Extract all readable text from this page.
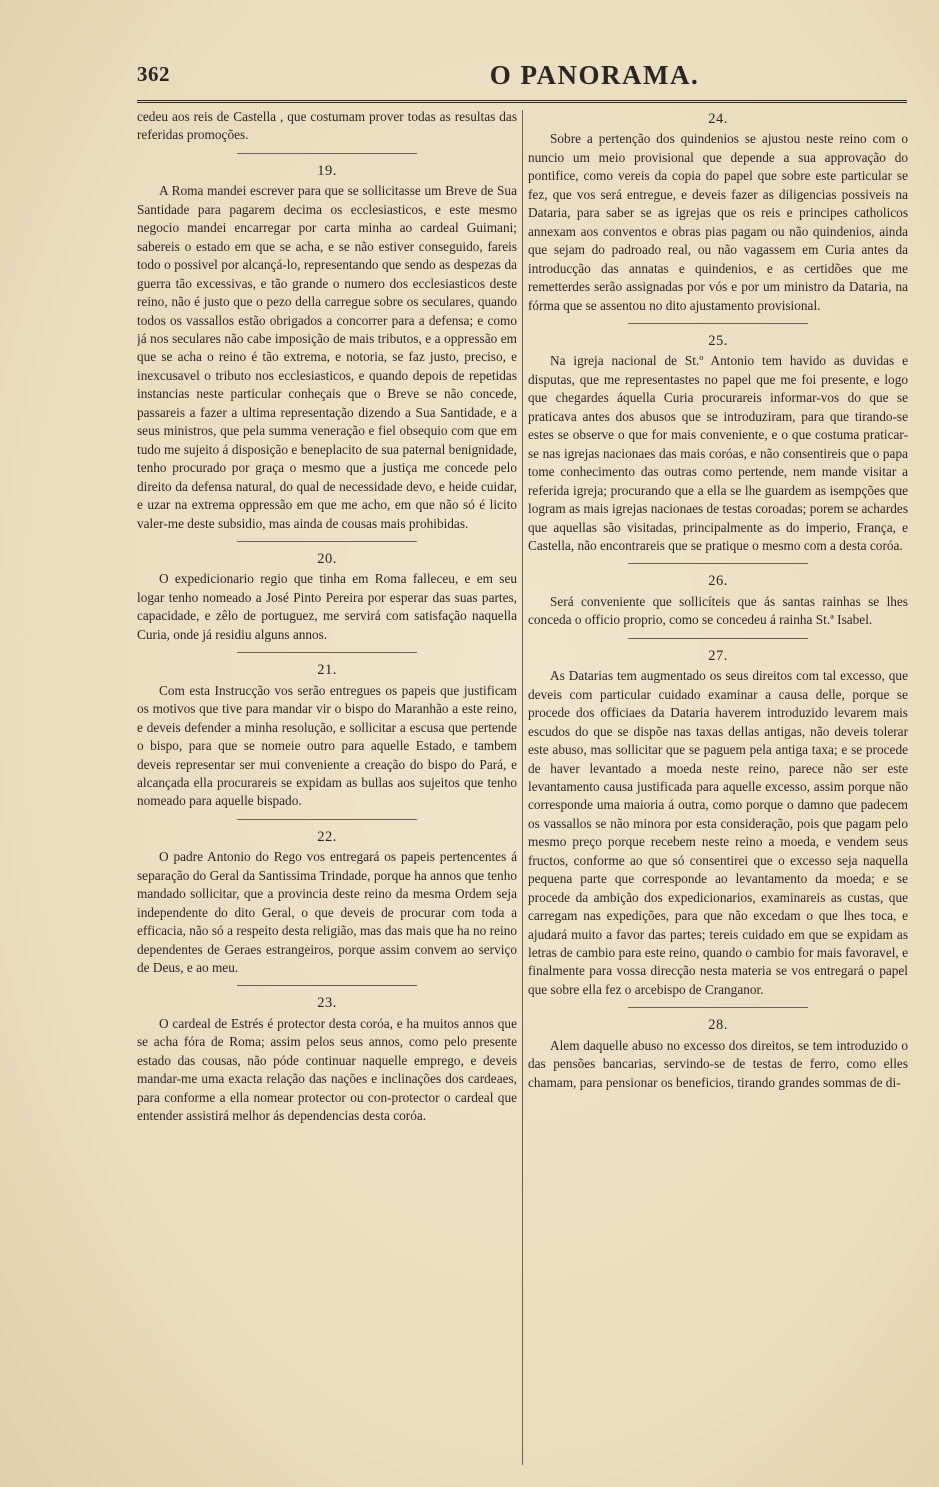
362	O PANORAMA.

cedeu aos reis de Castella , que costumam prover todas as resultas das referidas promoções.

19.

A Roma mandei escrever para que se sollicitasse um Breve de Sua Santidade para pagarem decima os ecclesiasticos, e este mesmo negocio mandei encarregar por carta minha ao cardeal Guimani; sabereis o estado em que se acha, e se não estiver conseguido, fareis todo o possivel por alcançá-lo, representando que sendo as despezas da guerra tão excessivas, e tão grande o numero dos ecclesiasticos deste reino, não é justo que o pezo della carregue sobre os seculares, quando todos os vassallos estão obrigados a concorrer para a defensa; e como já nos seculares não cabe imposição de mais tributos, e a oppressão em que se acha o reino é tão extrema, e notoria, se faz justo, preciso, e inexcusavel o tributo nos ecclesiasticos, e quando depois de repetidas instancias neste particular conheçais que o Breve se não concede, passareis a fazer a ultima representação dizendo a Sua Santidade, e a seus ministros, que pela summa veneração e fiel obsequio com que em tudo me sujeito á disposição e beneplacito de sua paternal benignidade, tenho procurado por graça o mesmo que a justiça me concede pelo direito da defensa natural, do qual de necessidade devo, e heide cuidar, e uzar na extrema oppressão em que me acho, em que não só é licito valer-me deste subsidio, mas ainda de cousas mais prohibidas.

20.

O expedicionario regio que tinha em Roma falleceu, e em seu logar tenho nomeado a José Pinto Pereira por esperar das suas partes, capacidade, e zêlo de portuguez, me servirá com satisfação naquella Curia, onde já residiu alguns annos.

21.

Com esta Instrucção vos serão entregues os papeis que justificam os motivos que tive para mandar vir o bispo do Maranhão a este reino, e deveis defender a minha resolução, e sollicitar a escusa que pertende o bispo, para que se nomeie outro para aquelle Estado, e tambem deveis representar ser mui conveniente a creação do bispo do Pará, e alcançada ella procurareis se expidam as bullas aos sujeitos que tenho nomeado para aquelle bispado.

22.

O padre Antonio do Rego vos entregará os papeis pertencentes á separação do Geral da Santissima Trindade, porque ha annos que tenho mandado sollicitar, que a provincia deste reino da mesma Ordem seja independente do dito Geral, o que deveis de procurar com toda a efficacia, não só a respeito desta religião, mas das mais que ha no reino dependentes de Geraes estrangeiros, porque assim convem ao serviço de Deus, e ao meu.

23.

O cardeal de Estrés é protector desta coróa, e ha muitos annos que se acha fóra de Roma; assim pelos seus annos, como pelo presente estado das cousas, não póde continuar naquelle emprego, e deveis mandar-me uma exacta relação das nações e inclinações dos cardeaes, para conforme a ella nomear protector ou con-protector o cardeal que entender assistirá melhor ás dependencias desta coróa.

24.

Sobre a pertenção dos quindenios se ajustou neste reino com o nuncio um meio provisional que depende a sua approvação do pontifice, como vereis da copia do papel que sobre este particular se fez, que vos será entregue, e deveis fazer as diligencias possiveis na Dataria, para saber se as igrejas que os reis e principes catholicos annexam aos conventos e obras pias pagam ou não quindenios, ainda que sejam do padroado real, ou não vagassem em Curia antes da introducção das annatas e quindenios, e as certidões que me remetterdes serão assignadas por vós e por um ministro da Dataria, na fórma que se assentou no dito ajustamento provisional.

25.

Na igreja nacional de St.º Antonio tem havido as duvidas e disputas, que me representastes no papel que me foi presente, e logo que chegardes áquella Curia procurareis informar-vos do que se praticava antes dos abusos que se introduziram, para que tirando-se estes se observe o que for mais conveniente, e o que costuma praticar-se nas igrejas nacionaes das mais coróas, e não consentireis que o papa tome conhecimento das outras como pertende, nem mande visitar a referida igreja; procurando que a ella se lhe guardem as isempções que logram as mais igrejas nacionaes de testas coroadas; porem se achardes que aquellas são visitadas, principalmente as do imperio, França, e Castella, não encontrareis que se pratique o mesmo com a desta coróa.

26.

Será conveniente que sollicíteis que ás santas rainhas se lhes conceda o officio proprio, como se concedeu á rainha St.ª Isabel.

27.

As Datarias tem augmentado os seus direitos com tal excesso, que deveis com particular cuidado examinar a causa delle, porque se procede dos officiaes da Dataria haverem introduzido levarem mais escudos do que se dispõe nas taxas dellas antigas, não deveis tolerar este abuso, mas sollicitar que se paguem pela antiga taxa; e se procede de haver levantado a moeda neste reino, parece não ser este levantamento causa justificada para aquelle excesso, assim porque não corresponde uma maioria á outra, como porque o damno que padecem os vassallos se não minora por esta consideração, pois que pagam pelo mesmo preço porque recebem neste reino a moeda, e vendem seus fructos, conforme ao que só consentirei que o excesso seja naquella pequena parte que corresponde ao levantamento da moeda; e se procede da ambição dos expedicionarios, examinareis as custas, que carregam nas expedições, para que não excedam o que lhes toca, e ajudará muito a favor das partes; tereis cuidado em que se expidam as letras de cambio para este reino, quando o cambio for mais favoravel, e finalmente para vossa direcção nesta materia se vos entregará o papel que sobre ella fez o arcebispo de Cranganor.

28.

Alem daquelle abuso no excesso dos direitos, se tem introduzido o das pensões bancarias, servindo-se de testas de ferro, como elles chamam, para pensionar os beneficios, tirando grandes sommas de di-
